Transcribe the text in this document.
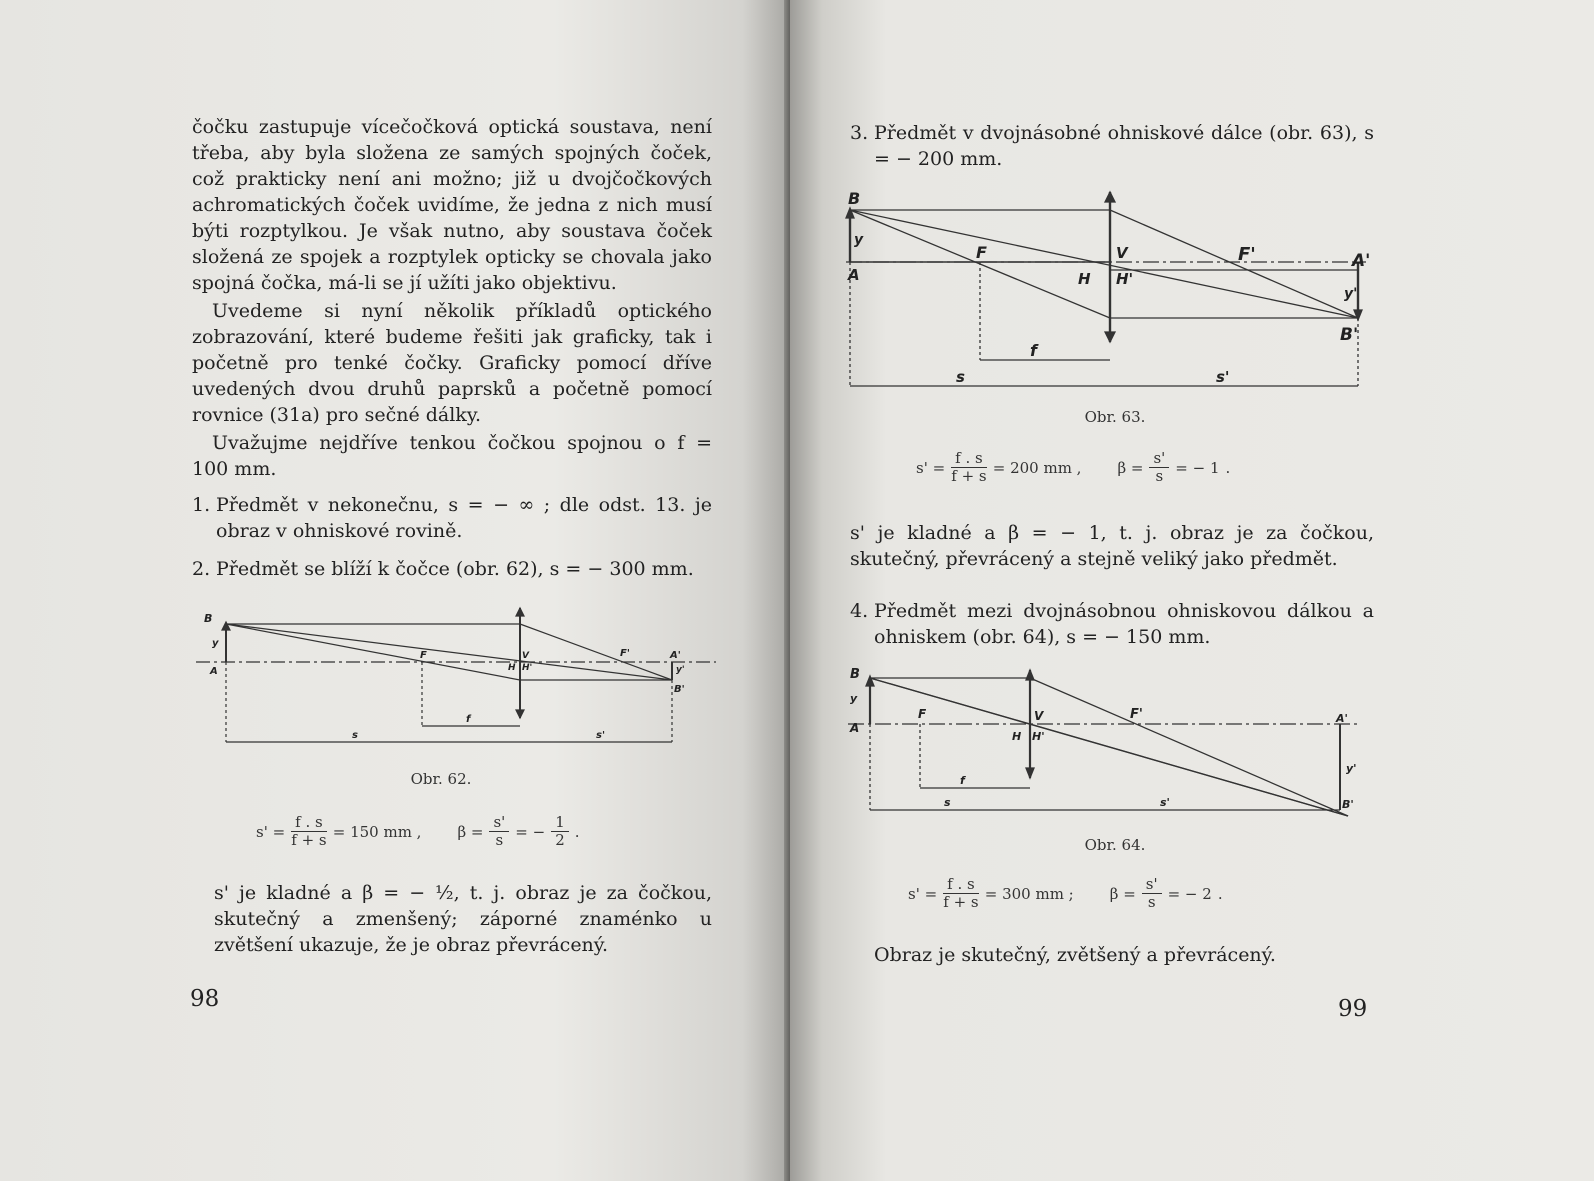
čočku zastupuje vícečočková optická soustava, není třeba, aby byla složena ze samých spojných čoček, což prakticky není ani možno; již u dvojčočkových achromatických čoček uvidíme, že jedna z nich musí býti rozptylkou. Je však nutno, aby soustava čoček složená ze spojek a rozptylek opticky se chovala jako spojná čočka, má-li se jí užíti jako objektivu.

Uvedeme si nyní několik příkladů optického zobrazování, které budeme řešiti jak graficky, tak i početně pro tenké čočky. Graficky pomocí dříve uvedených dvou druhů paprsků a početně pomocí rovnice (31a) pro sečné dálky.

Uvažujme nejdříve tenkou čočkou spojnou o f = 100 mm.

1. Předmět v nekonečnu, s = − ∞ ; dle odst. 13. je obraz v ohniskové rovině.
2. Předmět se blíží k čočce (obr. 62), s = − 300 mm.
B
y
A
F	V
H H'
F'	A'
y'
B'
f
s	s'
Obr. 62.
$s' = \frac{f . s}{f + s} = 150$ mm , $\beta = \frac{s'}{s}$ = − $\frac{1}{2}$ .
s' je kladné a β = − ½, t. j. obraz je za čočkou, skutečný a zmenšený; záporné znaménko u zvětšení ukazuje, že je obraz převrácený.
98
3. Předmět v dvojnásobné ohniskové dálce (obr. 63), s = − 200 mm.
B
y
A
F	V
H H'
F'	A'
y'
B'
f
s	s'
Obr. 63.
$s' = \frac{f . s}{f + s} = 200$ mm , $\beta = \frac{s'}{s}$ = − 1 .
s' je kladné a β = − 1, t. j. obraz je za čočkou, skutečný, převrácený a stejně veliký jako předmět.
4. Předmět mezi dvojnásobnou ohniskovou dálkou a ohniskem (obr. 64), s = − 150 mm.
B
y
A
F	V
H H'
F'	A'
y'
B'
f
s	s'
Obr. 64.
$s' = \frac{f . s}{f + s} = 300$ mm ; $\beta = \frac{s'}{s}$ = − 2 .
Obraz je skutečný, zvětšený a převrácený.
99
